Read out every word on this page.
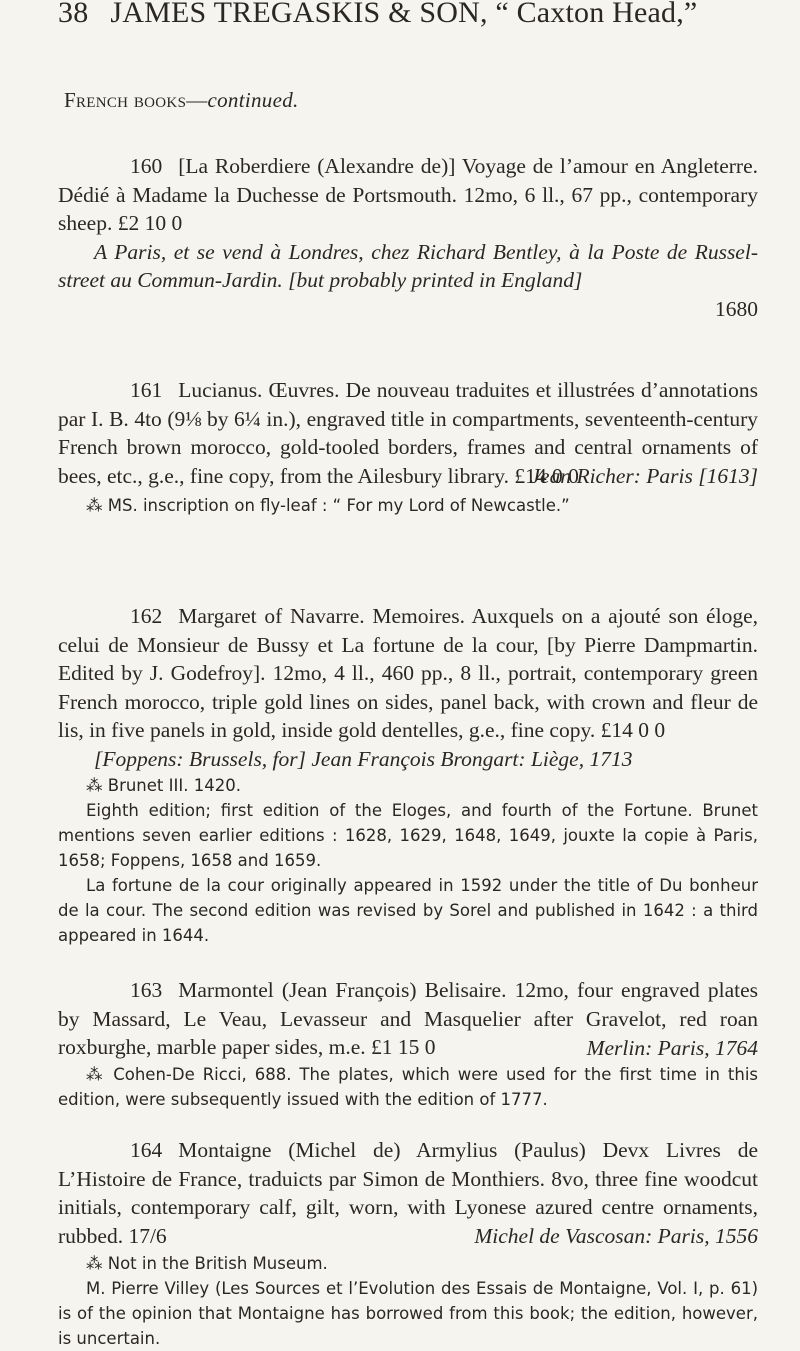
38 JAMES TREGASKIS & SON, “ Caxton Head,”
French books—continued.

160 [La Roberdiere (Alexandre de)] Voyage de l’amour en Angleterre. Dédié à Madame la Duchesse de Portsmouth. 12mo, 6 ll., 67 pp., contemporary sheep. £2 10 0

A Paris, et se vend à Londres, chez Richard Bentley, à la Poste de Russel-street au Commun-Jardin. [but probably printed in England]

1680

161 Lucianus. Œuvres. De nouveau traduites et illustrées d’annotations par I. B. 4to (9⅛ by 6¼ in.), engraved title in compartments, seventeenth-century French brown morocco, gold-tooled borders, frames and central ornaments of bees, etc., g.e., fine copy, from the Ailesbury library. £14 0 0

Jean Richer: Paris [1613]

⁂ MS. inscription on fly-leaf : “ For my Lord of Newcastle.”

162 Margaret of Navarre. Memoires. Auxquels on a ajouté son éloge, celui de Monsieur de Bussy et La fortune de la cour, [by Pierre Dampmartin. Edited by J. Godefroy]. 12mo, 4 ll., 460 pp., 8 ll., portrait, contemporary green French morocco, triple gold lines on sides, panel back, with crown and fleur de lis, in five panels in gold, inside gold dentelles, g.e., fine copy. £14 0 0

[Foppens: Brussels, for] Jean François Brongart: Liège, 1713

⁂ Brunet III. 1420.

Eighth edition; first edition of the Eloges, and fourth of the Fortune. Brunet mentions seven earlier editions : 1628, 1629, 1648, 1649, jouxte la copie à Paris, 1658; Foppens, 1658 and 1659.

La fortune de la cour originally appeared in 1592 under the title of Du bonheur de la cour. The second edition was revised by Sorel and published in 1642 : a third appeared in 1644.

163 Marmontel (Jean François) Belisaire. 12mo, four engraved plates by Massard, Le Veau, Levasseur and Masquelier after Gravelot, red roan roxburghe, marble paper sides, m.e. £1 15 0	Merlin: Paris, 1764

⁂ Cohen-De Ricci, 688. The plates, which were used for the first time in this edition, were subsequently issued with the edition of 1777.

164 Montaigne (Michel de) Armylius (Paulus) Devx Livres de L’Histoire de France, traduicts par Simon de Monthiers. 8vo, three fine woodcut initials, contemporary calf, gilt, worn, with Lyonese azured centre ornaments, rubbed. 17/6	Michel de Vascosan: Paris, 1556

⁂ Not in the British Museum.

M. Pierre Villey (Les Sources et l’Evolution des Essais de Montaigne, Vol. I, p. 61) is of the opinion that Montaigne has borrowed from this book; the edition, however, is uncertain.
